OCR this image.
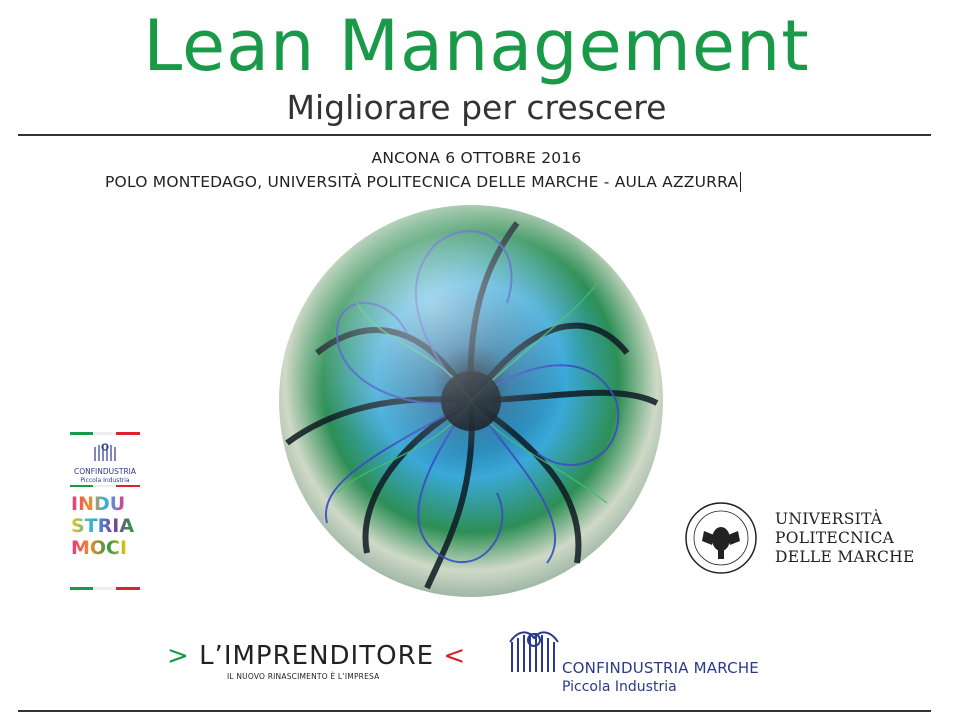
Lean Management
Migliorare per crescere
ANCONA 6 OTTOBRE 2016
POLO MONTEDAGO, UNIVERSITÀ POLITECNICA DELLE MARCHE - AULA AZZURRA
CONFINDUSTRIA
Piccola Industria
INDU
STRIA
MOCI
UNIVERSITÀ
POLITECNICA
DELLE MARCHE
> L’IMPRENDITORE <
IL NUOVO RINASCIMENTO È L’IMPRESA	CONFINDUSTRIA MARCHE
Piccola Industria
